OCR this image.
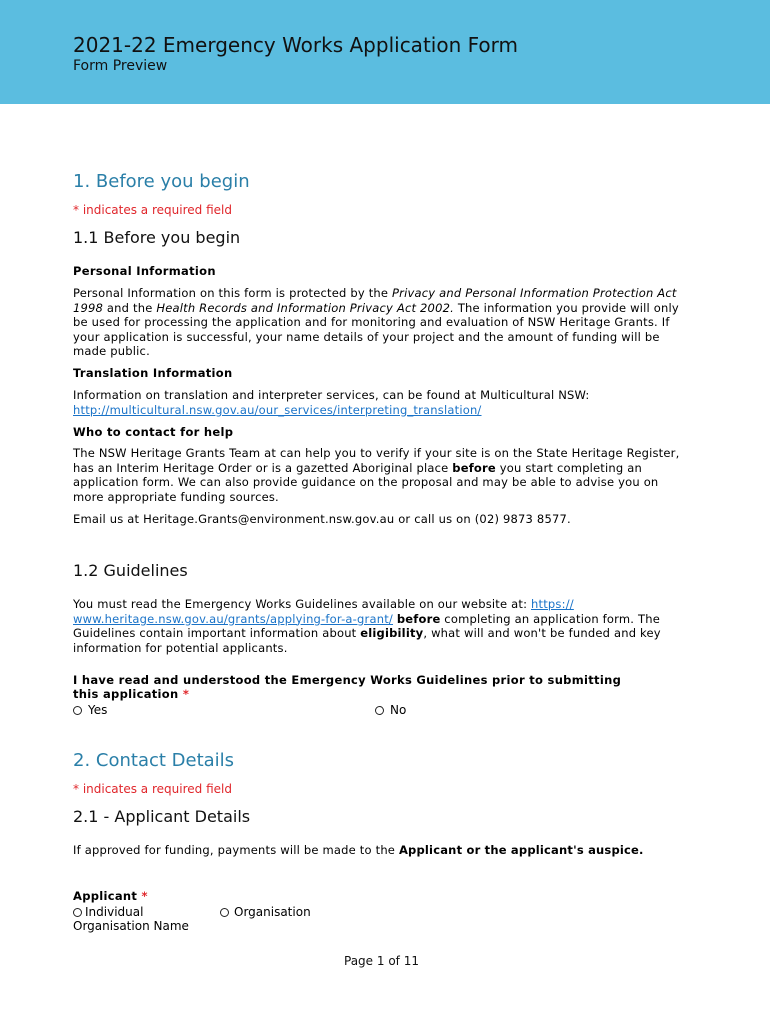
2021-22 Emergency Works Application Form
Form Preview
1. Before you begin
* indicates a required field
1.1 Before you begin
Personal Information
Personal Information on this form is protected by the Privacy and Personal Information Protection Act 1998 and the Health Records and Information Privacy Act 2002. The information you provide will only be used for processing the application and for monitoring and evaluation of NSW Heritage Grants. If your application is successful, your name details of your project and the amount of funding will be made public.
Translation Information
Information on translation and interpreter services, can be found at Multicultural NSW:
http://multicultural.nsw.gov.au/our_services/interpreting_translation/
Who to contact for help
The NSW Heritage Grants Team at can help you to verify if your site is on the State Heritage Register, has an Interim Heritage Order or is a gazetted Aboriginal place before you start completing an application form. We can also provide guidance on the proposal and may be able to advise you on more appropriate funding sources.
Email us at Heritage.Grants@environment.nsw.gov.au or call us on (02) 9873 8577.
1.2 Guidelines
You must read the Emergency Works Guidelines available on our website at: https:// www.heritage.nsw.gov.au/grants/applying-for-a-grant/ before completing an application form. The Guidelines contain important information about eligibility, what will and won't be funded and key information for potential applicants.
I have read and understood the Emergency Works Guidelines prior to submitting
this application *
Yes	No
2. Contact Details
* indicates a required field
2.1 - Applicant Details
If approved for funding, payments will be made to the Applicant or the applicant's auspice.
Applicant *
Individual	Organisation
Organisation Name
Page 1 of 11
